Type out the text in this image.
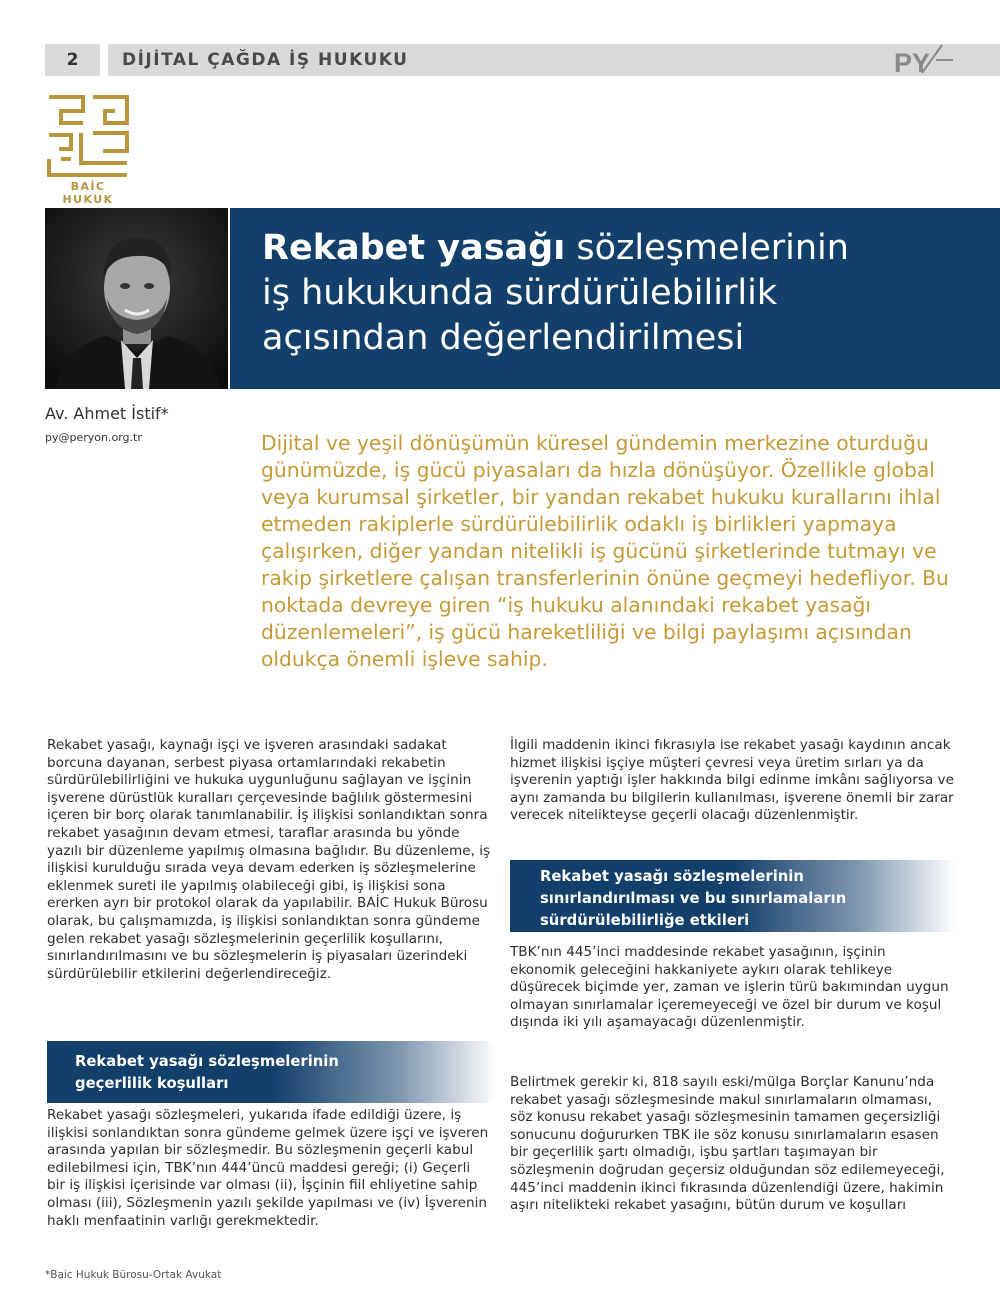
2	DİJİTAL ÇAĞDA İŞ HUKUKU	PY
BAİC HUKUK
Rekabet yasağı sözleşmelerinin
iş hukukunda sürdürülebilirlik
açısından değerlendirilmesi
Av. Ahmet İstif*
py@peryon.org.tr	Dijital ve yeşil dönüşümün küresel gündemin merkezine oturduğu günümüzde, iş gücü piyasaları da hızla dönüşüyor. Özellikle global veya kurumsal şirketler, bir yandan rekabet hukuku kurallarını ihlal etmeden rakiplerle sürdürülebilirlik odaklı iş birlikleri yapmaya çalışırken, diğer yandan nitelikli iş gücünü şirketlerinde tutmayı ve rakip şirketlere çalışan transferlerinin önüne geçmeyi hedefliyor. Bu noktada devreye giren “iş hukuku alanındaki rekabet yasağı düzenlemeleri”, iş gücü hareketliliği ve bilgi paylaşımı açısından oldukça önemli işleve sahip.

Rekabet yasağı, kaynağı işçi ve işveren arasındaki sadakat borcuna dayanan, serbest piyasa ortamlarındaki rekabetin sürdürülebilirliğini ve hukuka uygunluğunu sağlayan ve işçinin işverene dürüstlük kuralları çerçevesinde bağlılık göstermesini içeren bir borç olarak tanımlanabilir. İş ilişkisi sonlandıktan sonra rekabet yasağının devam etmesi, taraflar arasında bu yönde yazılı bir düzenleme yapılmış olmasına bağlıdır. Bu düzenleme, iş ilişkisi kurulduğu sırada veya devam ederken iş sözleşmelerine eklenmek sureti ile yapılmış olabileceği gibi, iş ilişkisi sona ererken ayrı bir protokol olarak da yapılabilir. BAİC Hukuk Bürosu olarak, bu çalışmamızda, iş ilişkisi sonlandıktan sonra gündeme gelen rekabet yasağı sözleşmelerinin geçerlilik koşullarını, sınırlandırılmasını ve bu sözleşmelerin iş piyasaları üzerindeki sürdürülebilir etkilerini değerlendireceğiz.

Rekabet yasağı sözleşmelerinin
geçerlilik koşulları

Rekabet yasağı sözleşmeleri, yukarıda ifade edildiği üzere, iş ilişkisi sonlandıktan sonra gündeme gelmek üzere işçi ve işveren arasında yapılan bir sözleşmedir. Bu sözleşmenin geçerli kabul edilebilmesi için, TBK’nın 444’üncü maddesi gereği; (i) Geçerli bir iş ilişkisi içerisinde var olması (ii), İşçinin fiil ehliyetine sahip olması (iii), Sözleşmenin yazılı şekilde yapılması ve (iv) İşverenin haklı menfaatinin varlığı gerekmektedir.

İlgili maddenin ikinci fıkrasıyla ise rekabet yasağı kaydının ancak hizmet ilişkisi işçiye müşteri çevresi veya üretim sırları ya da işverenin yaptığı işler hakkında bilgi edinme imkânı sağlıyorsa ve aynı zamanda bu bilgilerin kullanılması, işverene önemli bir zarar verecek nitelikteyse geçerli olacağı düzenlenmiştir.

Rekabet yasağı sözleşmelerinin
sınırlandırılması ve bu sınırlamaların
sürdürülebilirliğe etkileri

TBK’nın 445’inci maddesinde rekabet yasağının, işçinin ekonomik geleceğini hakkaniyete aykırı olarak tehlikeye düşürecek biçimde yer, zaman ve işlerin türü bakımından uygun olmayan sınırlamalar içeremeyeceği ve özel bir durum ve koşul dışında iki yılı aşamayacağı düzenlenmiştir.

Belirtmek gerekir ki, 818 sayılı eski/mülga Borçlar Kanunu’nda rekabet yasağı sözleşmesinde makul sınırlamaların olmaması, söz konusu rekabet yasağı sözleşmesinin tamamen geçersizliği sonucunu doğururken TBK ile söz konusu sınırlamaların esasen bir geçerlilik şartı olmadığı, işbu şartları taşımayan bir sözleşmenin doğrudan geçersiz olduğundan söz edilemeyeceği, 445’inci maddenin ikinci fıkrasında düzenlendiği üzere, hakimin aşırı nitelikteki rekabet yasağını, bütün durum ve koşulları

*Baic Hukuk Bürosu-Ortak Avukat
